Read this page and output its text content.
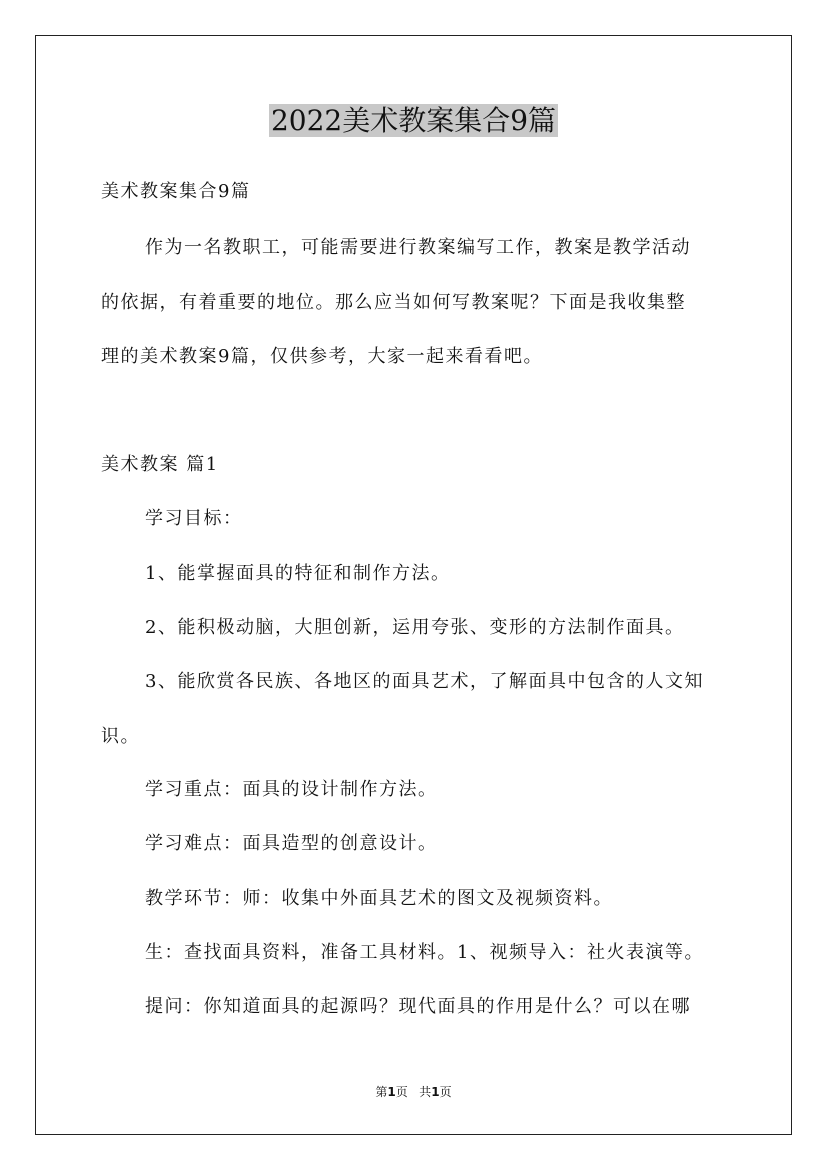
2022美术教案集合9篇

美术教案集合9篇

作为一名教职工，可能需要进行教案编写工作，教案是教学活动

的依据，有着重要的地位。那么应当如何写教案呢？下面是我收集整

理的美术教案9篇，仅供参考，大家一起来看看吧。

美术教案 篇1

学习目标：

1、能掌握面具的特征和制作方法。

2、能积极动脑，大胆创新，运用夸张、变形的方法制作面具。

3、能欣赏各民族、各地区的面具艺术，了解面具中包含的人文知

识。

学习重点：面具的设计制作方法。

学习难点：面具造型的创意设计。

教学环节：师：收集中外面具艺术的图文及视频资料。

生：查找面具资料，准备工具材料。1、视频导入：社火表演等。

提问：你知道面具的起源吗？现代面具的作用是什么？可以在哪

第1页 共1页
